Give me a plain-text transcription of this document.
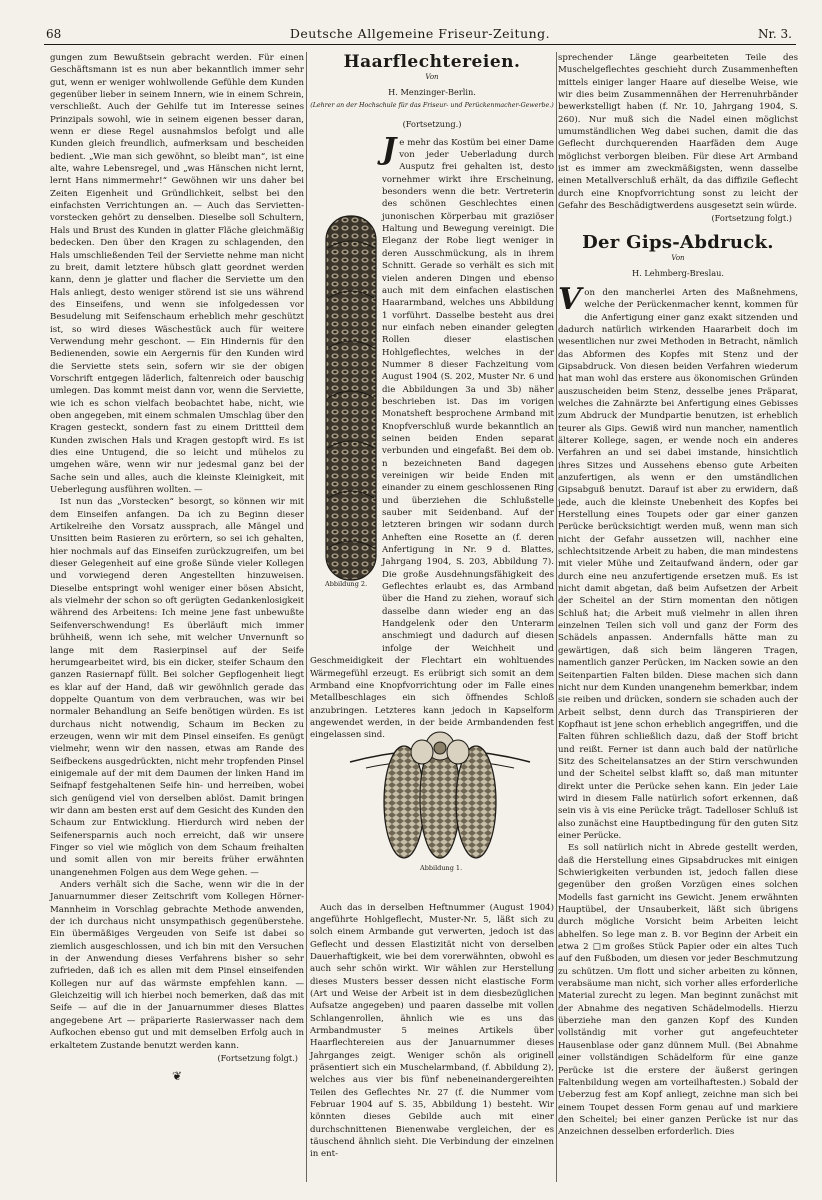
68	Deutsche Allgemeine Friseur-Zeitung.	Nr. 3.

gungen zum Bewußtsein gebracht werden. Für einen Geschäftsmann ist es nun aber bekanntlich immer sehr gut, wenn er weniger wohlwollende Gefühle dem Kunden gegenüber lieber in seinem Innern, wie in einem Schrein, verschließt. Auch der Gehilfe tut im Interesse seines Prinzipals sowohl, wie in seinem eigenen besser daran, wenn er diese Regel ausnahmslos befolgt und alle Kunden gleich freundlich, aufmerksam und bescheiden bedient. „Wie man sich gewöhnt, so bleibt man“, ist eine alte, wahre Lebensregel, und „was Hänschen nicht lernt, lernt Hans nimmermehr!“ Gewöhnen wir uns daher bei Zeiten Eigenheit und Gründlichkeit, selbst bei den einfachsten Verrichtungen an. — Auch das Serviettenvorstecken gehört zu denselben. Dieselbe soll Schultern, Hals und Brust des Kunden in glatter Fläche gleichmäßig bedecken. Den über den Kragen zu schlagenden, den Hals umschließenden Teil der Serviette nehme man nicht zu breit, damit letztere hübsch glatt geordnet werden kann, denn je glatter und flacher die Serviette um den Hals anliegt, desto weniger störend ist sie uns während des Einseifens, und wenn sie infolgedessen vor Besudelung mit Seifenschaum erheblich mehr geschützt ist, so wird dieses Wäschestück auch für weitere Verwendung mehr geschont. — Ein Hindernis für den Bedienenden, sowie ein Aergernis für den Kunden wird die Serviette stets sein, sofern wir sie der obigen Vorschrift entgegen läderlich, faltenreich oder bauschig umlegen. Das kommt meist dann vor, wenn die Serviette, wie ich es schon vielfach beobachtet habe, nicht, wie oben angegeben, mit einem schmalen Umschlag über den Kragen gesteckt, sondern fast zu einem Drittteil dem Kunden zwischen Hals und Kragen gestopft wird. Es ist dies eine Untugend, die so leicht und mühelos zu umgehen wäre, wenn wir nur jedesmal ganz bei der Sache sein und alles, auch die kleinste Kleinigkeit, mit Ueberlegung ausführen wollten. —

Ist nun das „Vorstecken“ besorgt, so können wir mit dem Einseifen anfangen. Da ich zu Beginn dieser Artikelreihe den Vorsatz aussprach, alle Mängel und Unsitten beim Rasieren zu erörtern, so sei ich gehalten, hier nochmals auf das Einseifen zurückzugreifen, um bei dieser Gelegenheit auf eine große Sünde vieler Kollegen und vorwiegend deren Angestellten hinzuweisen. Dieselbe entspringt wohl weniger einer bösen Absicht, als vielmehr der schon so oft gerügten Gedankenlosigkeit während des Arbeitens: Ich meine jene fast unbewußte Seifenverschwendung! Es überläuft mich immer brühheiß, wenn ich sehe, mit welcher Unvernunft so lange mit dem Rasierpinsel auf der Seife herumgearbeitet wird, bis ein dicker, steifer Schaum den ganzen Rasiernapf füllt. Bei solcher Gepflogenheit liegt es klar auf der Hand, daß wir gewöhnlich gerade das doppelte Quantum von dem verbrauchen, was wir bei normaler Behandlung an Seife benötigen würden. Es ist durchaus nicht notwendig, Schaum im Becken zu erzeugen, wenn wir mit dem Pinsel einseifen. Es genügt vielmehr, wenn wir den nassen, etwas am Rande des Seifbeckens ausgedrückten, nicht mehr tropfenden Pinsel einigemale auf der mit dem Daumen der linken Hand im Seifnapf festgehaltenen Seife hin- und herreiben, wobei sich genügend viel von derselben ablöst. Damit bringen wir dann am besten erst auf dem Gesicht des Kunden den Schaum zur Entwicklung. Hierdurch wird neben der Seifenersparnis auch noch erreicht, daß wir unsere Finger so viel wie möglich von dem Schaum freihalten und somit allen von mir bereits früher erwähnten unangenehmen Folgen aus dem Wege gehen. —

Anders verhält sich die Sache, wenn wir die in der Januarnummer dieser Zeitschrift vom Kollegen Hörner-Mannheim in Vorschlag gebrachte Methode anwenden, der ich durchaus nicht unsympathisch gegenüberstehe. Ein übermäßiges Vergeuden von Seife ist dabei so ziemlich ausgeschlossen, und ich bin mit den Versuchen in der Anwendung dieses Verfahrens bisher so sehr zufrieden, daß ich es allen mit dem Pinsel einseifenden Kollegen nur auf das wärmste empfehlen kann. — Gleichzeitig will ich hierbei noch bemerken, daß das mit Seife — auf die in der Januarnummer dieses Blattes angegebene Art — präparierte Rasierwasser nach dem Aufkochen ebenso gut und mit demselben Erfolg auch in erkaltetem Zustande benutzt werden kann.

(Fortsetzung folgt.)
❦
Haarflechtereien.
Von
H. Menzinger-Berlin.
(Lehrer an der Hochschule für das Friseur- und Perückenmacher-Gewerbe.)
(Fortsetzung.)

Je mehr das Kostüm bei einer Dame von jeder Ueberladung durch Ausputz frei gehalten ist, desto vornehmer wirkt ihre Erscheinung, besonders wenn die betr. Vertreterin des schönen Geschlechtes einen junonischen Körperbau mit graziöser Haltung und Bewegung vereinigt. Die Eleganz der Robe liegt weniger in deren Ausschmückung, als in ihrem Schnitt. Gerade so verhält es sich mit vielen anderen Dingen und ebenso auch mit dem einfachen elastischen Haararmband, welches uns Abbildung 1 vorführt. Dasselbe besteht aus drei nur einfach neben einander gelegten Rollen dieser elastischen Hohlgeflechtes, welches in der Nummer 8 dieser Fachzeitung vom August 1904 (S. 202, Muster Nr. 6 und die Abbildungen 3a und 3b) näher beschrieben ist. Das im vorigen Monatsheft besprochene Armband mit Knopfverschluß wurde bekanntlich an seinen beiden Enden separat verbunden und eingefaßt. Bei dem ob. n bezeichneten Band dagegen vereinigen wir beide Enden mit einander zu einem geschlossenen Ring und überziehen die Schlußstelle sauber mit Seidenband. Auf der letzteren bringen wir sodann durch Anheften eine Rosette an (f. deren Anfertigung in Nr. 9 d. Blattes, Jahrgang 1904, S. 203, Abbildung 7). Die große Ausdehnungsfähigkeit des Geflechtes erlaubt es, das Armband über die Hand zu ziehen, worauf sich dasselbe dann wieder eng an das Handgelenk oder den Unterarm anschmiegt und dadurch auf diesen infolge der Weichheit und Geschmeidigkeit der Flechtart ein wohltuendes Wärmegefühl erzeugt. Es erübrigt sich somit an dem Armband eine Knopfvorrichtung oder im Falle eines Metallbeschlages ein sich öffnendes Schloß anzubringen. Letzteres kann jedoch in Kapselform angewendet werden, in der beide Armbandenden fest eingelassen sind.

Auch das in derselben Heftnummer (August 1904) angeführte Hohlgeflecht, Muster-Nr. 5, läßt sich zu solch einem Armbande gut verwerten, jedoch ist das Geflecht und dessen Elastizität nicht von derselben Dauerhaftigkeit, wie bei dem vorerwähnten, obwohl es auch sehr schön wirkt. Wir wählen zur Herstellung dieses Musters besser dessen nicht elastische Form (Art und Weise der Arbeit ist in dem diesbezüglichen Aufsatze angegeben) und paaren dasselbe mit vollen Schlangenrollen, ähnlich wie es uns das Armbandmuster 5 meines Artikels über Haarflechtereien aus der Januarnummer dieses Jahrganges zeigt. Weniger schön als originell präsentiert sich ein Muschelarmband, (f. Abbildung 2), welches aus vier bis fünf nebeneinandergereihten Teilen des Geflechtes Nr. 27 (f. die Nummer vom Februar 1904 auf S. 35, Abbildung 1) besteht. Wir könnten dieses Gebilde auch mit einer durchschnittenen Bienenwabe vergleichen, der es täuschend ähnlich sieht. Die Verbindung der einzelnen in ent-

Abbildung 2.
Abbildung 1.

sprechender Länge gearbeiteten Teile des Muschelgeflechtes geschieht durch Zusammenheften mittels einiger langer Haare auf dieselbe Weise, wie wir dies beim Zusammennähen der Herrenuhrbänder bewerkstelligt haben (f. Nr. 10, Jahrgang 1904, S. 260). Nur muß sich die Nadel einen möglichst umumständlichen Weg dabei suchen, damit die das Geflecht durchquerenden Haarfäden dem Auge möglichst verborgen bleiben. Für diese Art Armband ist es immer am zweckmäßigsten, wenn dasselbe einen Metallverschluß erhält, da das diffizile Geflecht durch eine Knopfvorrichtung sonst zu leicht der Gefahr des Beschädigtwerdens ausgesetzt sein würde.

(Fortsetzung folgt.)
Der Gips-Abdruck.
Von
H. Lehmberg-Breslau.

Von den mancherlei Arten des Maßnehmens, welche der Perückenmacher kennt, kommen für die Anfertigung einer ganz exakt sitzenden und dadurch natürlich wirkenden Haararbeit doch im wesentlichen nur zwei Methoden in Betracht, nämlich das Abformen des Kopfes mit Stenz und der Gipsabdruck. Von diesen beiden Verfahren wiederum hat man wohl das erstere aus ökonomischen Gründen auszuscheiden beim Stenz, desselbe jenes Präparat, welches die Zahnärzte bei Anfertigung eines Gebisses zum Abdruck der Mundpartie benutzen, ist erheblich teurer als Gips. Gewiß wird nun mancher, namentlich älterer Kollege, sagen, er wende noch ein anderes Verfahren an und sei dabei imstande, hinsichtlich ihres Sitzes und Aussehens ebenso gute Arbeiten anzufertigen, als wenn er den umständlichen Gipsabguß benutzt. Darauf ist aber zu erwidern, daß jede, auch die kleinste Unebenheit des Kopfes bei Herstellung eines Toupets oder gar einer ganzen Perücke berücksichtigt werden muß, wenn man sich nicht der Gefahr aussetzen will, nachher eine schlechtsitzende Arbeit zu haben, die man mindestens mit vieler Mühe und Zeitaufwand ändern, oder gar durch eine neu anzufertigende ersetzen muß. Es ist nicht damit abgetan, daß beim Aufsetzen der Arbeit der Scheitel an der Stirn momentan den nötigen Schluß hat; die Arbeit muß vielmehr in allen ihren einzelnen Teilen sich voll und ganz der Form des Schädels anpassen. Andernfalls hätte man zu gewärtigen, daß sich beim längeren Tragen, namentlich ganzer Perücken, im Nacken sowie an den Seitenpartien Falten bilden. Diese machen sich dann nicht nur dem Kunden unangenehm bemerkbar, indem sie reiben und drücken, sondern sie schaden auch der Arbeit selbst, denn durch das Transpirieren der Kopfhaut ist jene schon erheblich angegriffen, und die Falten führen schließlich dazu, daß der Stoff bricht und reißt. Ferner ist dann auch bald der natürliche Sitz des Scheitelansatzes an der Stirn verschwunden und der Scheitel selbst klafft so, daß man mitunter direkt unter die Perücke sehen kann. Ein jeder Laie wird in diesem Falle natürlich sofort erkennen, daß sein vis à vis eine Perücke trägt. Tadelloser Schluß ist also zunächst eine Hauptbedingung für den guten Sitz einer Perücke.

Es soll natürlich nicht in Abrede gestellt werden, daß die Herstellung eines Gipsabdruckes mit einigen Schwierigkeiten verbunden ist, jedoch fallen diese gegenüber den großen Vorzügen eines solchen Modells fast garnicht ins Gewicht. Jenem erwähnten Hauptübel, der Unsauberkeit, läßt sich übrigens durch mögliche Vorsicht beim Arbeiten leicht abhelfen. So lege man z. B. vor Beginn der Arbeit ein etwa 2 □m großes Stück Papier oder ein altes Tuch auf den Fußboden, um diesen vor jeder Beschmutzung zu schützen. Um flott und sicher arbeiten zu können, verabsäume man nicht, sich vorher alles erforderliche Material zurecht zu legen. Man beginnt zunächst mit der Abnahme des negativen Schädelmodells. Hierzu überziehe man den ganzen Kopf des Kunden vollständig mit vorher gut angefeuchteter Hausenblase oder ganz dünnem Mull. (Bei Abnahme einer vollständigen Schädelform für eine ganze Perücke ist die erstere der äußerst geringen Faltenbildung wegen am vorteilhaftesten.) Sobald der Ueberzug fest am Kopf anliegt, zeichne man sich bei einem Toupet dessen Form genau auf und markiere den Scheitel; bei einer ganzen Perücke ist nur das Anzeichnen desselben erforderlich. Dies
